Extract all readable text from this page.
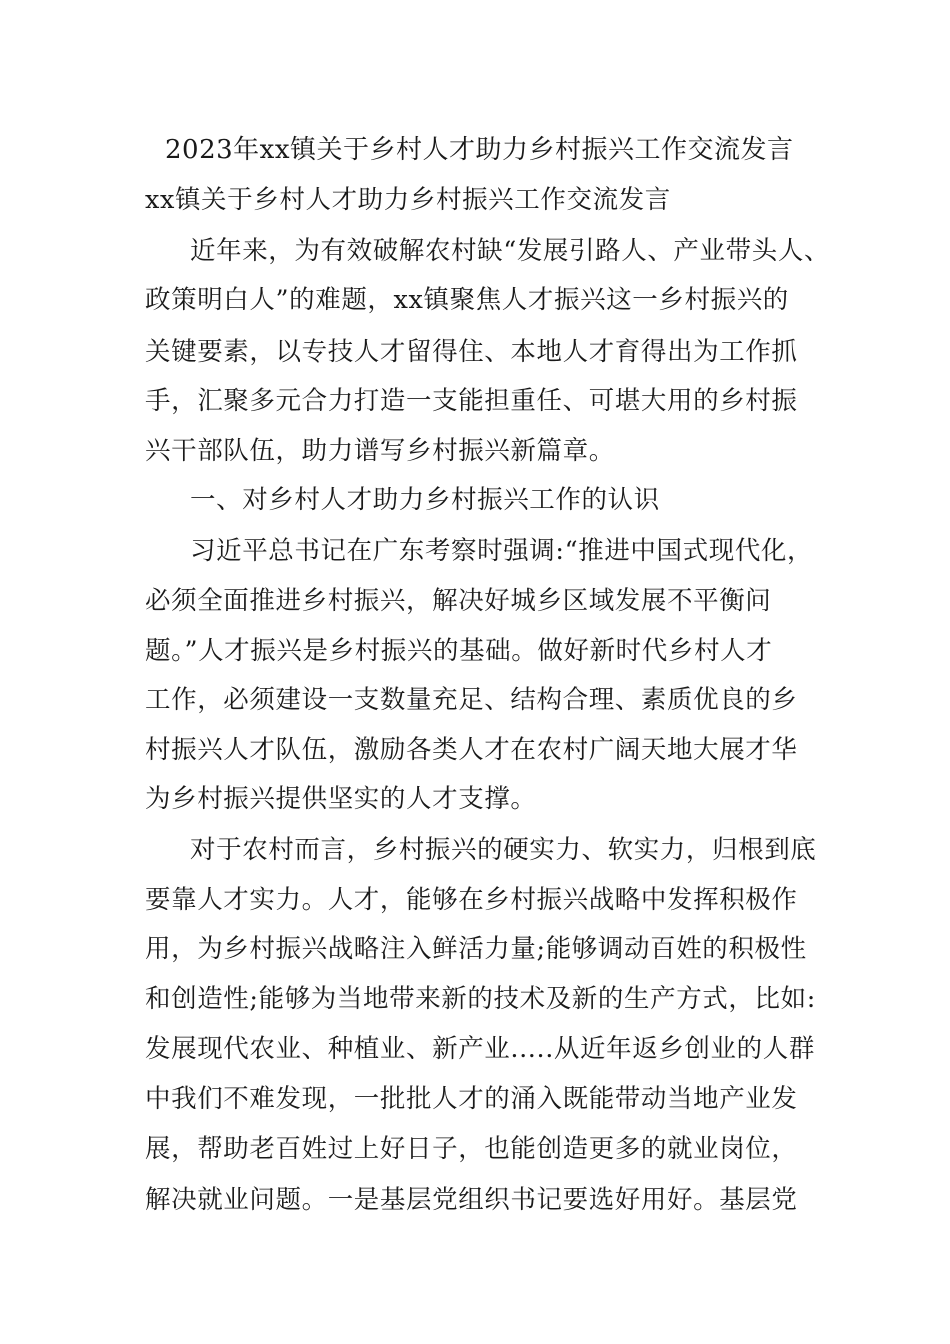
2023年xx镇关于乡村人才助力乡村振兴工作交流发言
xx镇关于乡村人才助力乡村振兴工作交流发言
近年来，为有效破解农村缺“发展引路人、产业带头人、
政策明白人”的难题，xx镇聚焦人才振兴这一乡村振兴的
关键要素，以专技人才留得住、本地人才育得出为工作抓
手，汇聚多元合力打造一支能担重任、可堪大用的乡村振
兴干部队伍，助力谱写乡村振兴新篇章。
一、对乡村人才助力乡村振兴工作的认识
习近平总书记在广东考察时强调:“推进中国式现代化，
必须全面推进乡村振兴，解决好城乡区域发展不平衡问
题。”人才振兴是乡村振兴的基础。做好新时代乡村人才
工作，必须建设一支数量充足、结构合理、素质优良的乡
村振兴人才队伍，激励各类人才在农村广阔天地大展才华
为乡村振兴提供坚实的人才支撑。
对于农村而言，乡村振兴的硬实力、软实力，归根到底
要靠人才实力。人才，能够在乡村振兴战略中发挥积极作
用，为乡村振兴战略注入鲜活力量;能够调动百姓的积极性
和创造性;能够为当地带来新的技术及新的生产方式，比如:
发展现代农业、种植业、新产业.....从近年返乡创业的人群
中我们不难发现，一批批人才的涌入既能带动当地产业发
展，帮助老百姓过上好日子，也能创造更多的就业岗位，
解决就业问题。一是基层党组织书记要选好用好。基层党
